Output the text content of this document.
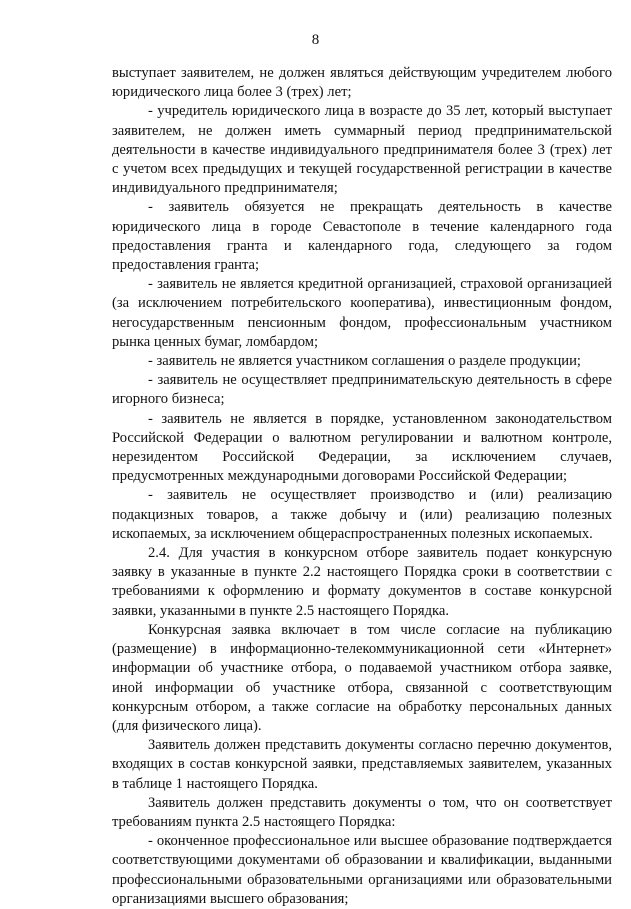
8

выступает заявителем, не должен являться действующим учредителем любого юридического лица более 3 (трех) лет;

- учредитель юридического лица в возрасте до 35 лет, который выступает заявителем, не должен иметь суммарный период предпринимательской деятельности в качестве индивидуального предпринимателя более 3 (трех) лет с учетом всех предыдущих и текущей государственной регистрации в качестве индивидуального предпринимателя;

- заявитель обязуется не прекращать деятельность в качестве юридического лица в городе Севастополе в течение календарного года предоставления гранта и календарного года, следующего за годом предоставления гранта;

- заявитель не является кредитной организацией, страховой организацией (за исключением потребительского кооператива), инвестиционным фондом, негосударственным пенсионным фондом, профессиональным участником рынка ценных бумаг, ломбардом;

- заявитель не является участником соглашения о разделе продукции;

- заявитель не осуществляет предпринимательскую деятельность в сфере игорного бизнеса;

- заявитель не является в порядке, установленном законодательством Российской Федерации о валютном регулировании и валютном контроле, нерезидентом Российской Федерации, за исключением случаев, предусмотренных международными договорами Российской Федерации;

- заявитель не осуществляет производство и (или) реализацию подакцизных товаров, а также добычу и (или) реализацию полезных ископаемых, за исключением общераспространенных полезных ископаемых.

2.4. Для участия в конкурсном отборе заявитель подает конкурсную заявку в указанные в пункте 2.2 настоящего Порядка сроки в соответствии с требованиями к оформлению и формату документов в составе конкурсной заявки, указанными в пункте 2.5 настоящего Порядка.

Конкурсная заявка включает в том числе согласие на публикацию (размещение) в информационно-телекоммуникационной сети «Интернет» информации об участнике отбора, о подаваемой участником отбора заявке, иной информации об участнике отбора, связанной с соответствующим конкурсным отбором, а также согласие на обработку персональных данных (для физического лица).

Заявитель должен представить документы согласно перечню документов, входящих в состав конкурсной заявки, представляемых заявителем, указанных в таблице 1 настоящего Порядка.

Заявитель должен представить документы о том, что он соответствует требованиям пункта 2.5 настоящего Порядка:

- оконченное профессиональное или высшее образование подтверждается соответствующими документами об образовании и квалификации, выданными профессиональными образовательными организациями или образовательными организациями высшего образования;
